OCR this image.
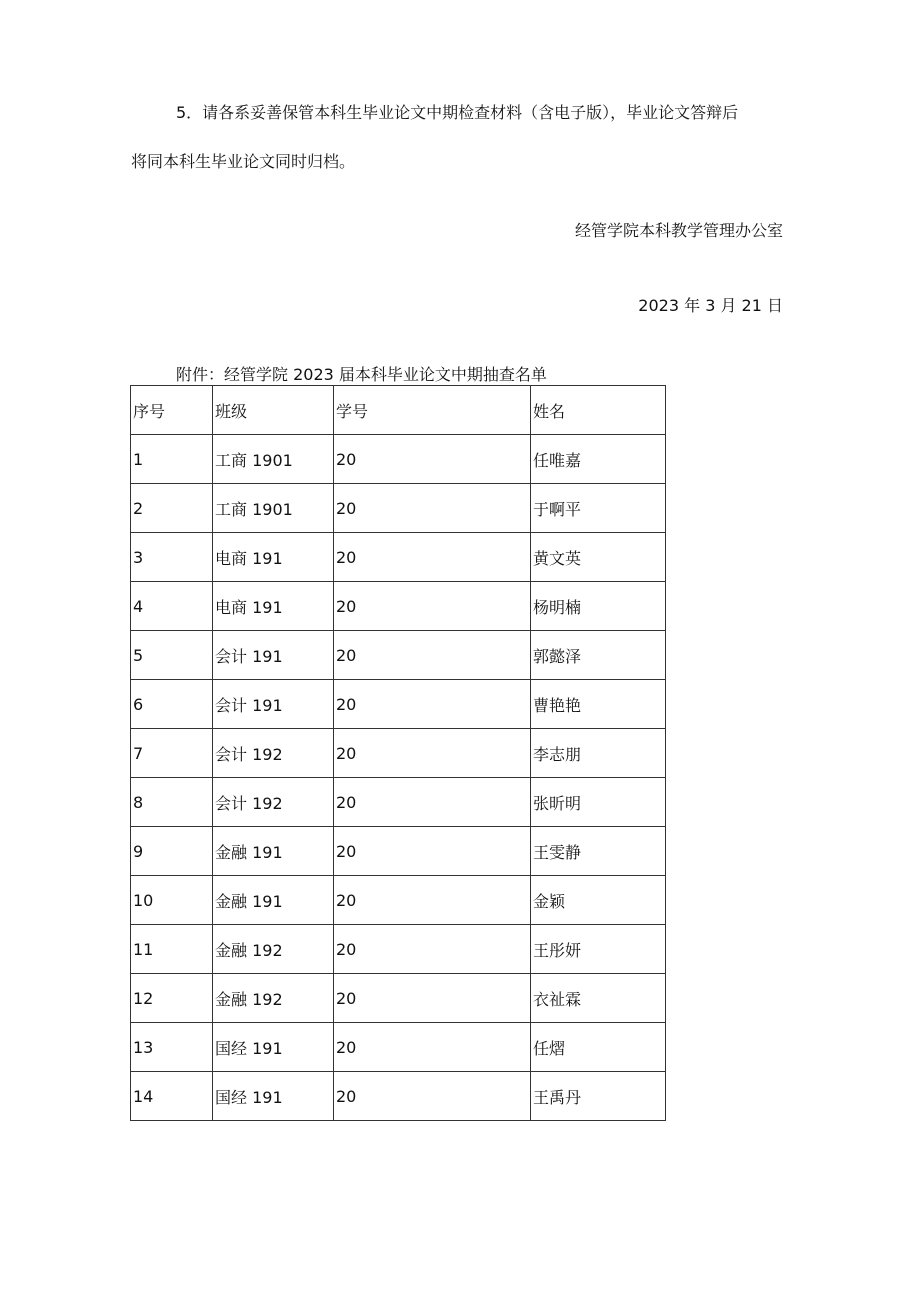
5．请各系妥善保管本科生毕业论文中期检查材料（含电子版），毕业论文答辩后
将同本科生毕业论文同时归档。
经管学院本科教学管理办公室
2023 年 3 月 21 日
附件：经管学院 2023 届本科毕业论文中期抽查名单
序号	班级	学号	姓名
1	工商 1901	20	任唯嘉
2	工商 1901	20	于啊平
3	电商 191	20	黄文英
4	电商 191	20	杨明楠
5	会计 191	20	郭懿泽
6	会计 191	20	曹艳艳
7	会计 192	20	李志朋
8	会计 192	20	张昕明
9	金融 191	20	王雯静
10	金融 191	20	金颖
11	金融 192	20	王彤妍
12	金融 192	20	衣祉霖
13	国经 191	20	任熠
14	国经 191	20	王禹丹
